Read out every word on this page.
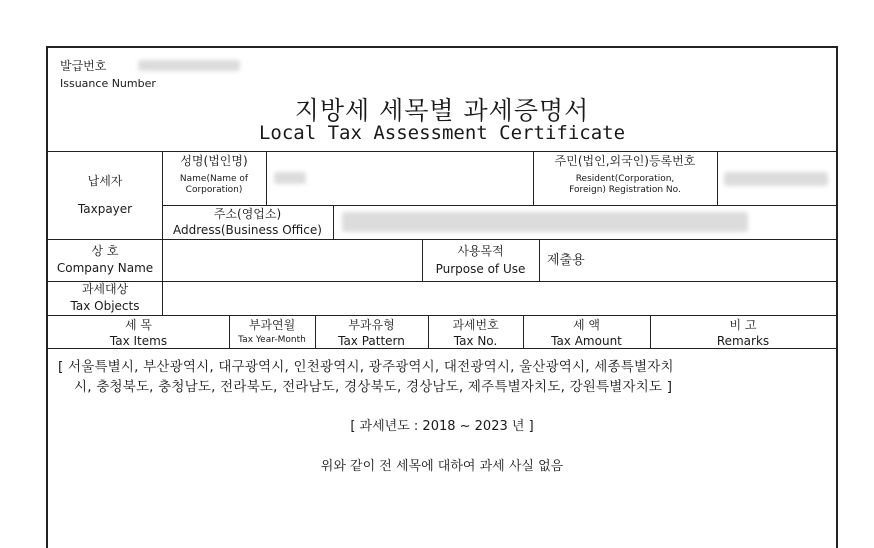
발급번호
Issuance Number
지방세 세목별 과세증명서
Local Tax Assessment Certificate
납세자
Taxpayer
성명(법인명)
Name(Name of
Corporation)
주민(법인,외국인)등록번호
Resident(Corporation,
Foreign) Registration No.
주소(영업소)
Address(Business Office)
상 호
Company Name
사용목적
Purpose of Use
제출용
과세대상
Tax Objects
세 목
Tax Items
부과연월
Tax Year-Month
부과유형
Tax Pattern
과세번호
Tax No.
세 액
Tax Amount
비 고
Remarks
[ 서울특별시, 부산광역시, 대구광역시, 인천광역시, 광주광역시, 대전광역시, 울산광역시, 세종특별자치
시, 충청북도, 충청남도, 전라북도, 전라남도, 경상북도, 경상남도, 제주특별자치도, 강원특별자치도 ]
[ 과세년도 : 2018 ~ 2023 년 ]
위와 같이 전 세목에 대하여 과세 사실 없음
